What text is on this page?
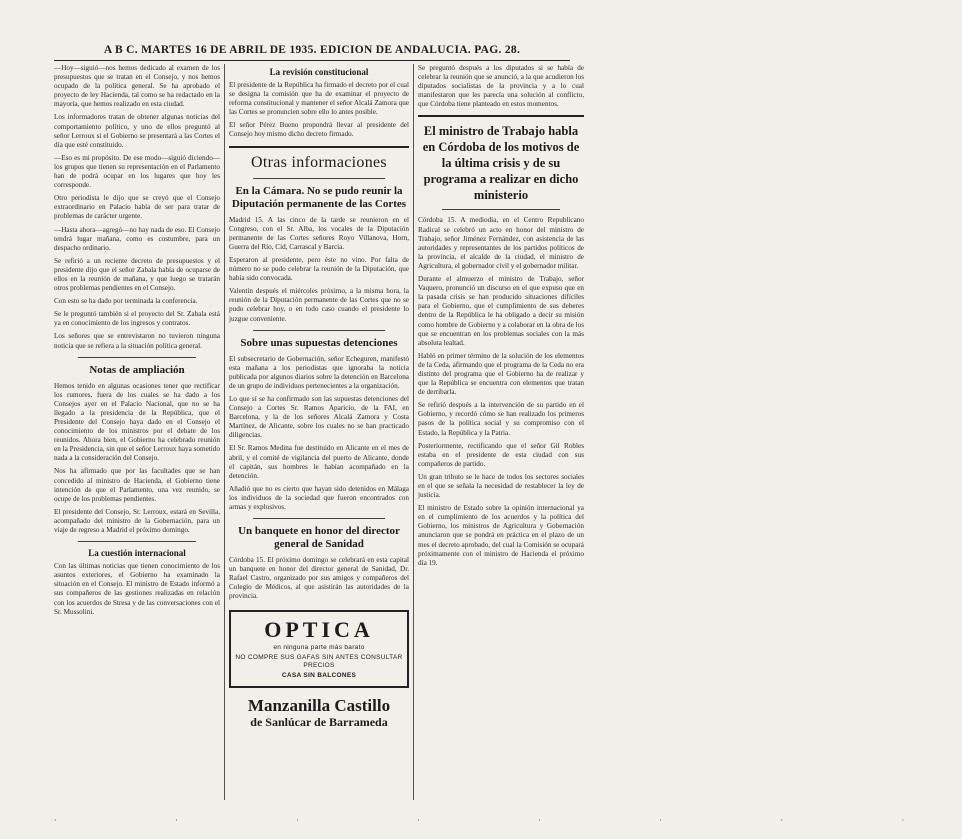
A B C. MARTES 16 DE ABRIL DE 1935. EDICION DE ANDALUCIA. PAG. 28.

—Hoy—siguió—nos hemos dedicado al examen de los presupuestos que se tratan en el Consejo, y nos hemos ocupado de la política general. Se ha aprobado el proyecto de ley Hacienda, tal como se ha redactado en la mayoría, que hemos realizado en esta ciudad.

Los informadores tratan de obtener algunas noticias del comportamiento político, y uno de ellos preguntó al señor Lerroux si el Gobierno se presentará a las Cortes el día que esté constituido.

—Eso es mi propósito. De ese modo—siguió diciendo—los grupos que tienen su representación en el Parlamento han de podrá ocupar en los lugares que hoy les corresponde.

Otro periodista le dijo que se creyó que el Consejo extraordinario en Palacio había de ser para tratar de problemas de carácter urgente.

—Hasta ahora—agregó—no hay nada de eso. El Consejo tendrá lugar mañana, como es costumbre, para un despacho ordinario.

Se refirió a un reciente decreto de presupuestos y el presidente dijo que el señor Zabala había de ocuparse de ellos en la reunión de mañana, y que luego se tratarán otros problemas pendientes en el Consejo.

Con esto se ha dado por terminada la conferencia.

Se le preguntó también si el proyecto del Sr. Zabala está ya en conocimiento de los ingresos y contratos.

Los señores que se entrevistaron no tuvieron ninguna noticia que se refiera a la situación política general.

Notas de ampliación

Hemos tenido en algunas ocasiones tener que rectificar los rumores, fuera de los cuales se ha dado a los Consejos ayer en el Palacio Nacional, que no se ha llegado a la presidencia de la República, que el Presidente del Consejo haya dado en el Consejo el conocimiento de los ministros por el debate de los reunidos. Ahora bien, el Gobierno ha celebrado reunión en la Presidencia, sin que el señor Lerroux haya sometido nada a la consideración del Consejo.

Nos ha afirmado que por las facultades que se han concedido al ministro de Hacienda, el Gobierno tiene intención de que el Parlamento, una vez reunido, se ocupe de los problemas pendientes.

El presidente del Consejo, Sr. Lerroux, estará en Sevilla, acompañado del ministro de la Gobernación, para un viaje de regreso a Madrid el próximo domingo.

La cuestión internacional

Con las últimas noticias que tienen conocimiento de los asuntos exteriores, el Gobierno ha examinado la situación en el Consejo. El ministro de Estado informó a sus compañeros de las gestiones realizadas en relación con los acuerdos de Stresa y de las conversaciones con el Sr. Mussolini.

La revisión constitucional

El presidente de la República ha firmado el decreto por el cual se designa la comisión que ha de examinar el proyecto de reforma constitucional y mantener el señor Alcalá Zamora que las Cortes se pronuncien sobre ello lo antes posible.

El señor Pérez Bueno propondrá llevar al presidente del Consejo hoy mismo dicho decreto firmado.

Otras informaciones
En la Cámara. No se pudo reunir la Diputación permanente de las Cortes

Madrid 15. A las cinco de la tarde se reunieron en el Congreso, con el Sr. Alba, los vocales de la Diputación permanente de las Cortes señores Royo Villanova, Horn, Guerra del Río, Cid, Carrascal y Barcia.

Esperaron al presidente, pero éste no vino. Por falta de número no se pudo celebrar la reunión de la Diputación, que había sido convocada.

Valentín después el miércoles próximo, a la misma hora, la reunión de la Diputación permanente de las Cortes que no se pudo celebrar hoy, o en todo caso cuando el presidente lo juzgue conveniente.

Sobre unas supuestas detenciones

El subsecretario de Gobernación, señor Echeguren, manifestó esta mañana a los periodistas que ignoraba la noticia publicada por algunos diarios sobre la detención en Barcelona de un grupo de individuos pertenecientes a la organización.

Lo que sí se ha confirmado son las supuestas detenciones del Consejo a Cortes Sr. Ramos Aparicio, de la FAI, en Barcelona, y la de los señores Alcalá Zamora y Costa Martínez, de Alicante, sobre los cuales no se han practicado diligencias.

El Sr. Ramos Medina fue destituido en Alicante en el mes de abril, y el comité de vigilancia del puerto de Alicante, donde el capitán, sus hombres le habían acompañado en la detención.

Añadió que no es cierto que hayan sido detenidos en Málaga los individuos de la sociedad que fueron encontrados con armas y explosivos.

Un banquete en honor del director general de Sanidad

Córdoba 15. El próximo domingo se celebrará en esta capital un banquete en honor del director general de Sanidad, Dr. Rafael Castro, organizado por sus amigos y compañeros del Colegio de Médicos, al que asistirán las autoridades de la provincia.

OPTICA
en ninguna parte más barato
NO COMPRE SUS GAFAS SIN ANTES CONSULTAR PRECIOS
CASA SIN BALCONES
Manzanilla Castillo
de Sanlúcar de Barrameda

Se preguntó después a los diputados si se había de celebrar la reunión que se anunció, a la que acudieron los diputados socialistas de la provincia y a lo cual manifestaron que les parecía una solución al conflicto, que Córdoba tiene planteado en estos momentos.

El ministro de Trabajo habla en Córdoba de los motivos de la última crisis y de su programa a realizar en dicho ministerio

Córdoba 15. A mediodía, en el Centro Republicano Radical se celebró un acto en honor del ministro de Trabajo, señor Jiménez Fernández, con asistencia de las autoridades y representantes de los partidos políticos de la provincia, el alcalde de la ciudad, el ministro de Agricultura, el gobernador civil y el gobernador militar.

Durante el almuerzo el ministro de Trabajo, señor Vaquero, pronunció un discurso en el que expuso que en la pasada crisis se han producido situaciones difíciles para el Gobierno, que el cumplimiento de sus deberes dentro de la República le ha obligado a decir su misión como hombre de Gobierno y a colaborar en la obra de los que se encuentran en los problemas sociales con la más absoluta lealtad.

Habló en primer término de la solución de los elementos de la Ceda, afirmando que el programa de la Ceda no era distinto del programa que el Gobierno ha de realizar y que la República se encuentra con elementos que tratan de derribarla.

Se refirió después a la intervención de su partido en el Gobierno, y recordó cómo se han realizado los primeros pasos de la política social y su compromiso con el Estado, la República y la Patria.

Posteriormente, rectificando que el señor Gil Robles estaba en el presidente de esta ciudad con sus compañeros de partido.

Un gran tributo se le hace de todos los sectores sociales en el que se señala la necesidad de restablecer la ley de justicia.

El ministro de Estado sobre la opinión internacional ya en el cumplimiento de los acuerdos y la política del Gobierno, los ministros de Agricultura y Gobernación anunciaron que se pondrá en práctica en el plazo de un mes el decreto aprobado, del cual la Comisión se ocupará próximamente con el ministro de Hacienda el próximo día 19.

· · · · · · · ·
